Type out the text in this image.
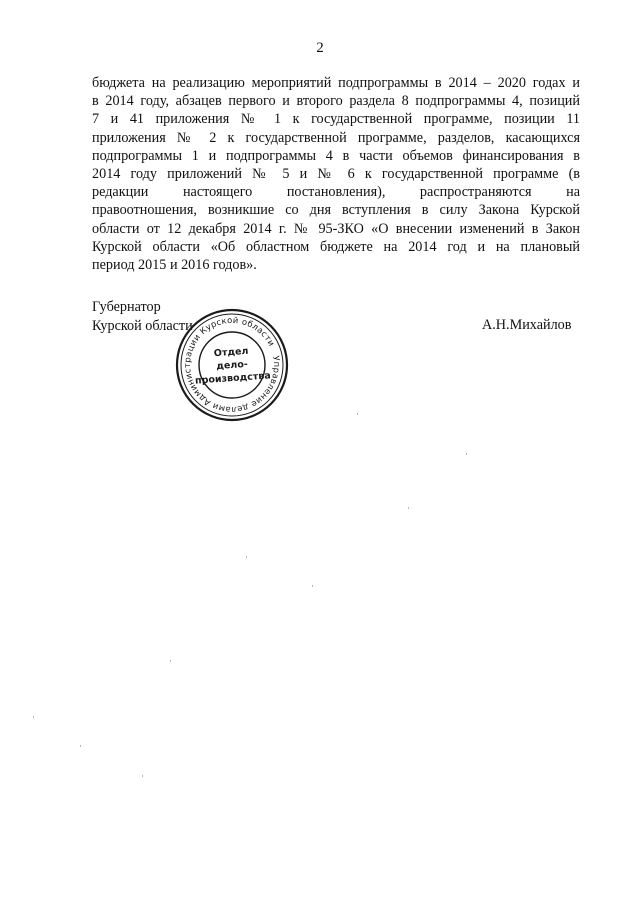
2
бюджета на реализацию мероприятий подпрограммы в 2014 – 2020 годах и
в 2014 году, абзацев первого и второго раздела 8 подпрограммы 4, позиций
7 и 41 приложения № 1 к государственной программе, позиции 11
приложения № 2 к государственной программе, разделов, касающихся
подпрограммы 1 и подпрограммы 4 в части объемов финансирования в
2014 году приложений № 5 и № 6 к государственной программе (в
редакции настоящего постановления), распространяются на
правоотношения, возникшие со дня вступления в силу Закона Курской
области от 12 декабря 2014 г. № 95-ЗКО «О внесении изменений в Закон
Курской области «Об областном бюджете на 2014 год и на плановый
период 2015 и 2016 годов».
Губернатор
Курской области	А.Н.Михайлов
Управление делами Администрации Курской области
Отдел
дело-
производства
